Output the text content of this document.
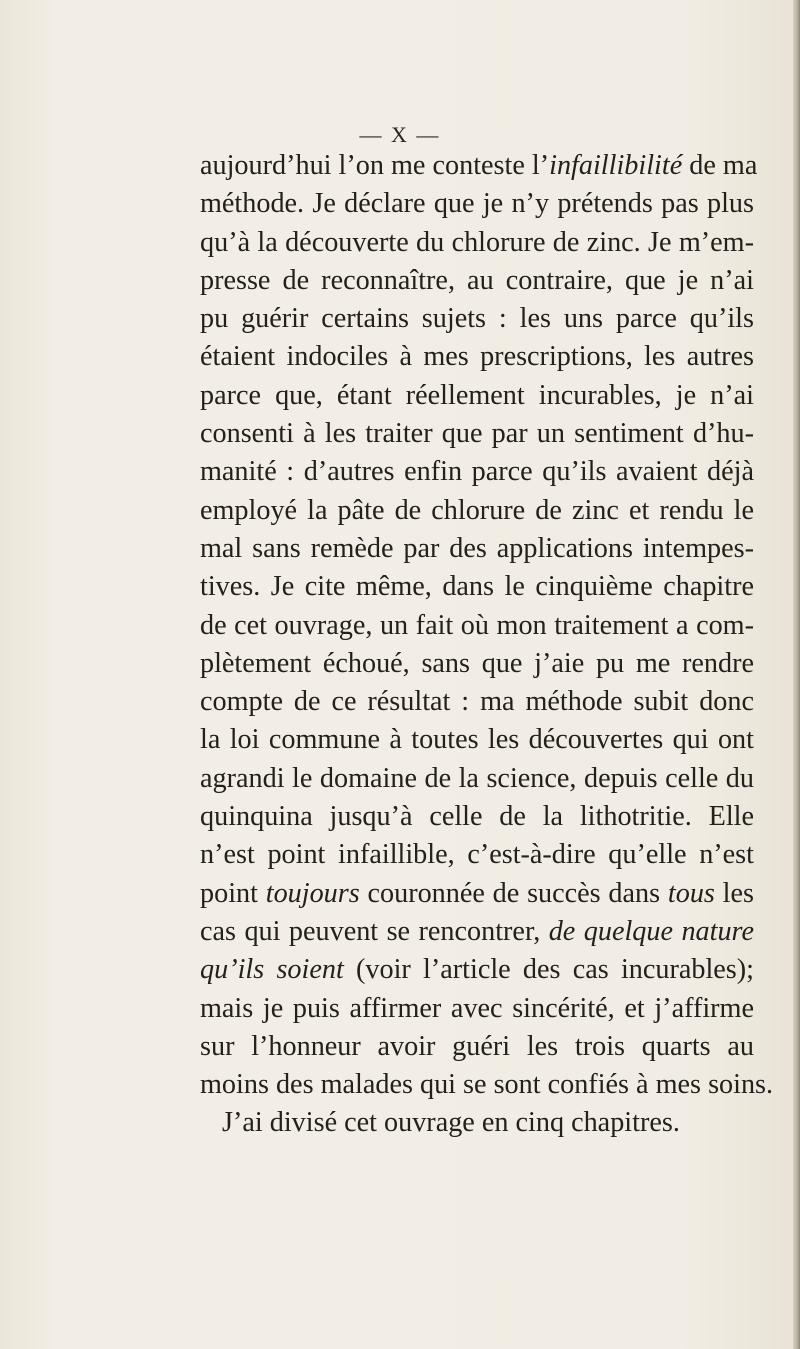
— X —
aujourd’hui l’on me conteste l’infaillibilité de ma
méthode. Je déclare que je n’y prétends pas plus
qu’à la découverte du chlorure de zinc. Je m’em-
presse de reconnaître, au contraire, que je n’ai
pu guérir certains sujets : les uns parce qu’ils
étaient indociles à mes prescriptions, les autres
parce que, étant réellement incurables, je n’ai
consenti à les traiter que par un sentiment d’hu-
manité : d’autres enfin parce qu’ils avaient déjà
employé la pâte de chlorure de zinc et rendu le
mal sans remède par des applications intempes-
tives. Je cite même, dans le cinquième chapitre
de cet ouvrage, un fait où mon traitement a com-
plètement échoué, sans que j’aie pu me rendre
compte de ce résultat : ma méthode subit donc
la loi commune à toutes les découvertes qui ont
agrandi le domaine de la science, depuis celle du
quinquina jusqu’à celle de la lithotritie. Elle
n’est point infaillible, c’est-à-dire qu’elle n’est
point toujours couronnée de succès dans tous les
cas qui peuvent se rencontrer, de quelque nature
qu’ils soient (voir l’article des cas incurables);
mais je puis affirmer avec sincérité, et j’affirme
sur l’honneur avoir guéri les trois quarts au
moins des malades qui se sont confiés à mes soins.
J’ai divisé cet ouvrage en cinq chapitres.
